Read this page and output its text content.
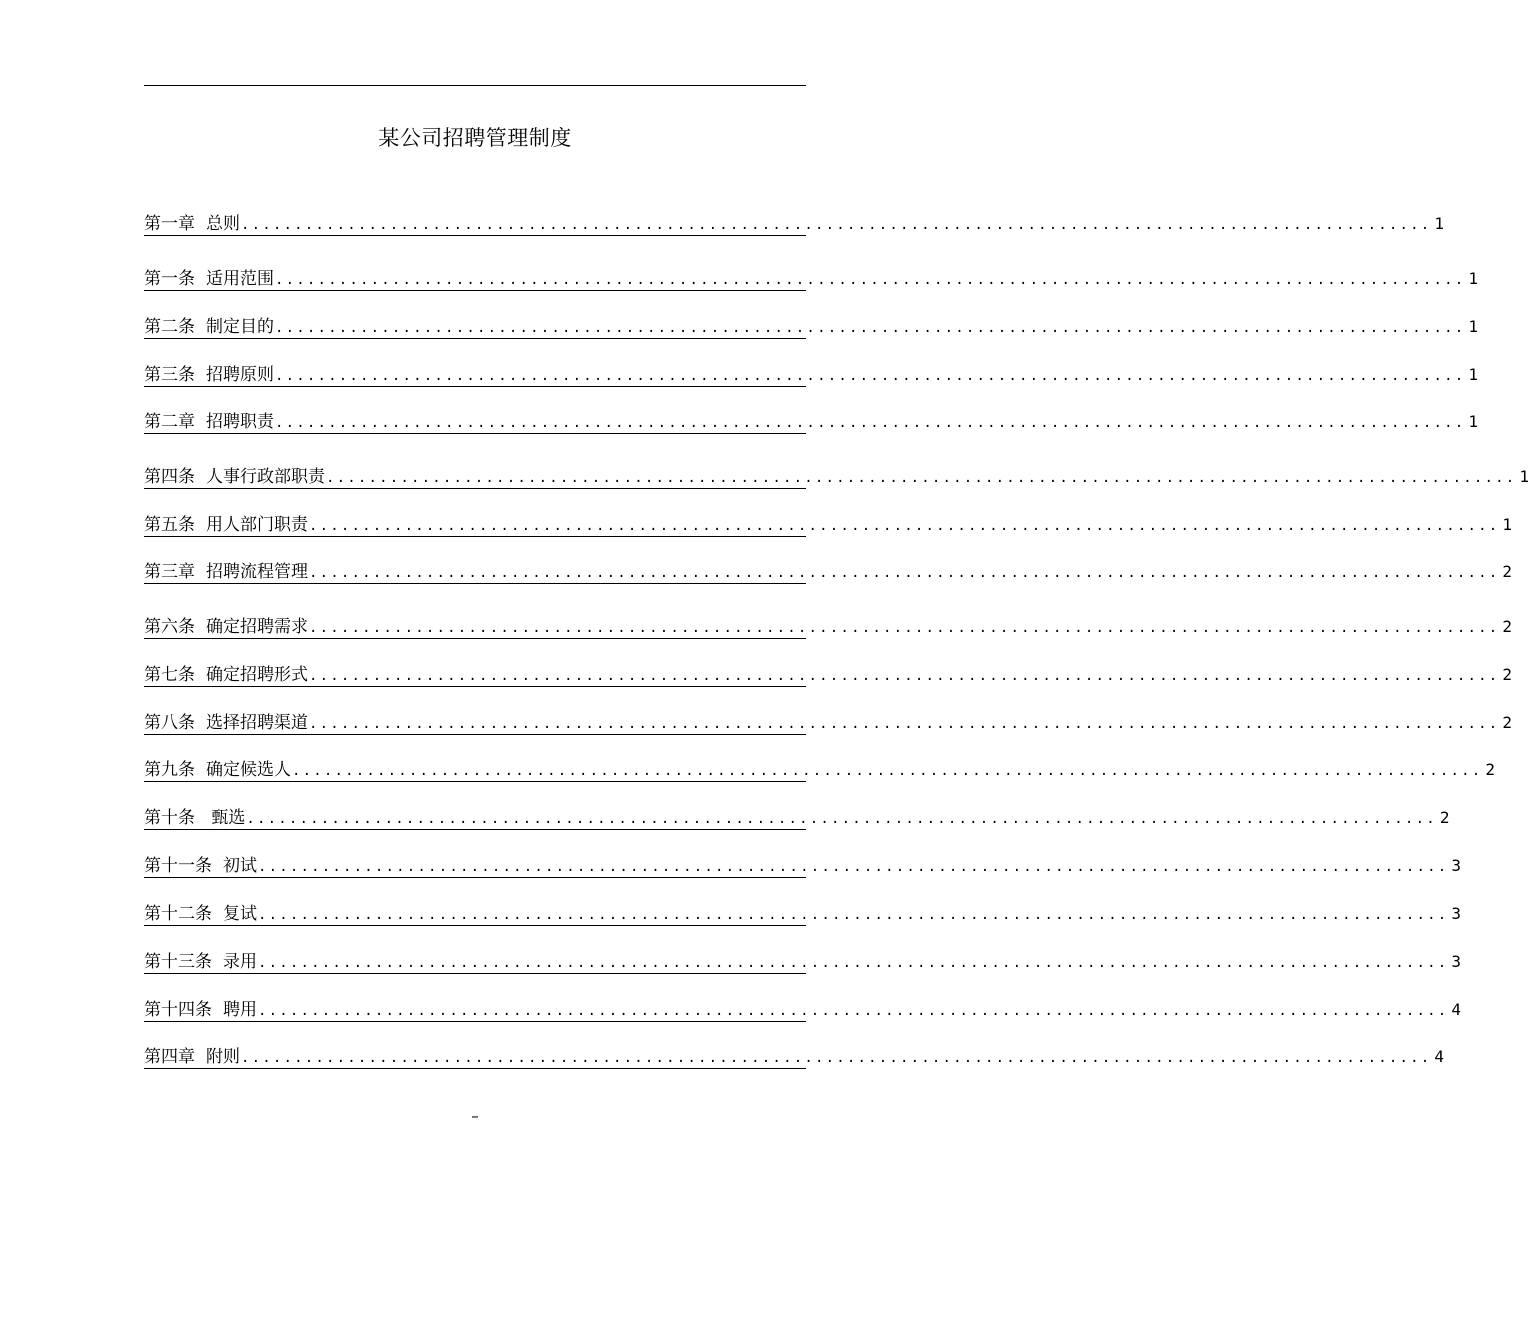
某公司招聘管理制度
第一章 总则 ................................................................................................................ 1
第一条 适用范围 ................................................................................................................ 1
第二条 制定目的 ................................................................................................................ 1
第三条 招聘原则 ................................................................................................................ 1
第二章 招聘职责 ................................................................................................................ 1
第四条 人事行政部职责 ................................................................................................................ 1
第五条 用人部门职责 ................................................................................................................ 1
第三章 招聘流程管理 ................................................................................................................ 2
第六条 确定招聘需求 ................................................................................................................ 2
第七条 确定招聘形式 ................................................................................................................ 2
第八条 选择招聘渠道 ................................................................................................................ 2
第九条 确定候选人 ................................................................................................................ 2
第十条 甄选 ................................................................................................................ 2
第十一条 初试 ................................................................................................................ 3
第十二条 复试 ................................................................................................................ 3
第十三条 录用 ................................................................................................................ 3
第十四条 聘用 ................................................................................................................ 4
第四章 附则 ................................................................................................................ 4
–
